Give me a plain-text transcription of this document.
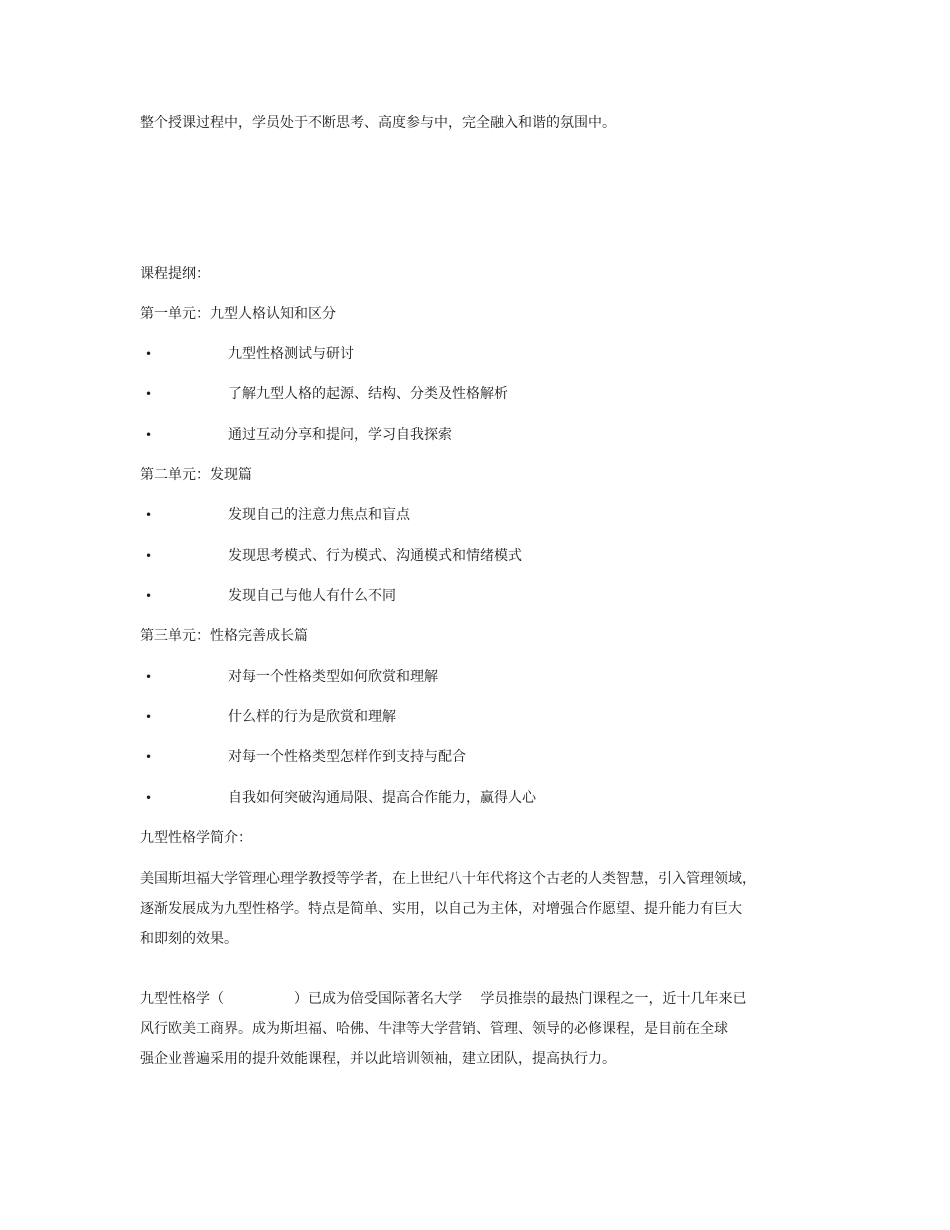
整个授课过程中，学员处于不断思考、高度参与中，完全融入和谐的氛围中。
课程提纲：
第一单元：九型人格认知和区分
•	九型性格测试与研讨
•	了解九型人格的起源、结构、分类及性格解析
•	通过互动分享和提问，学习自我探索
第二单元：发现篇
•	发现自己的注意力焦点和盲点
•	发现思考模式、行为模式、沟通模式和情绪模式
•	发现自己与他人有什么不同
第三单元：性格完善成长篇
•	对每一个性格类型如何欣赏和理解
•	什么样的行为是欣赏和理解
•	对每一个性格类型怎样作到支持与配合
•	自我如何突破沟通局限、提高合作能力，赢得人心
九型性格学简介：
美国斯坦福大学管理心理学教授等学者，在上世纪八十年代将这个古老的人类智慧，引入管理领域，
逐渐发展成为九型性格学。特点是简单、实用，以自己为主体，对增强合作愿望、提升能力有巨大
和即刻的效果。
九型性格学（　　　　　）已成为倍受国际著名大学　 学员推崇的最热门课程之一，近十几年来已
风行欧美工商界。成为斯坦福、哈佛、牛津等大学营销、管理、领导的必修课程，是目前在全球
强企业普遍采用的提升效能课程，并以此培训领袖，建立团队，提高执行力。
